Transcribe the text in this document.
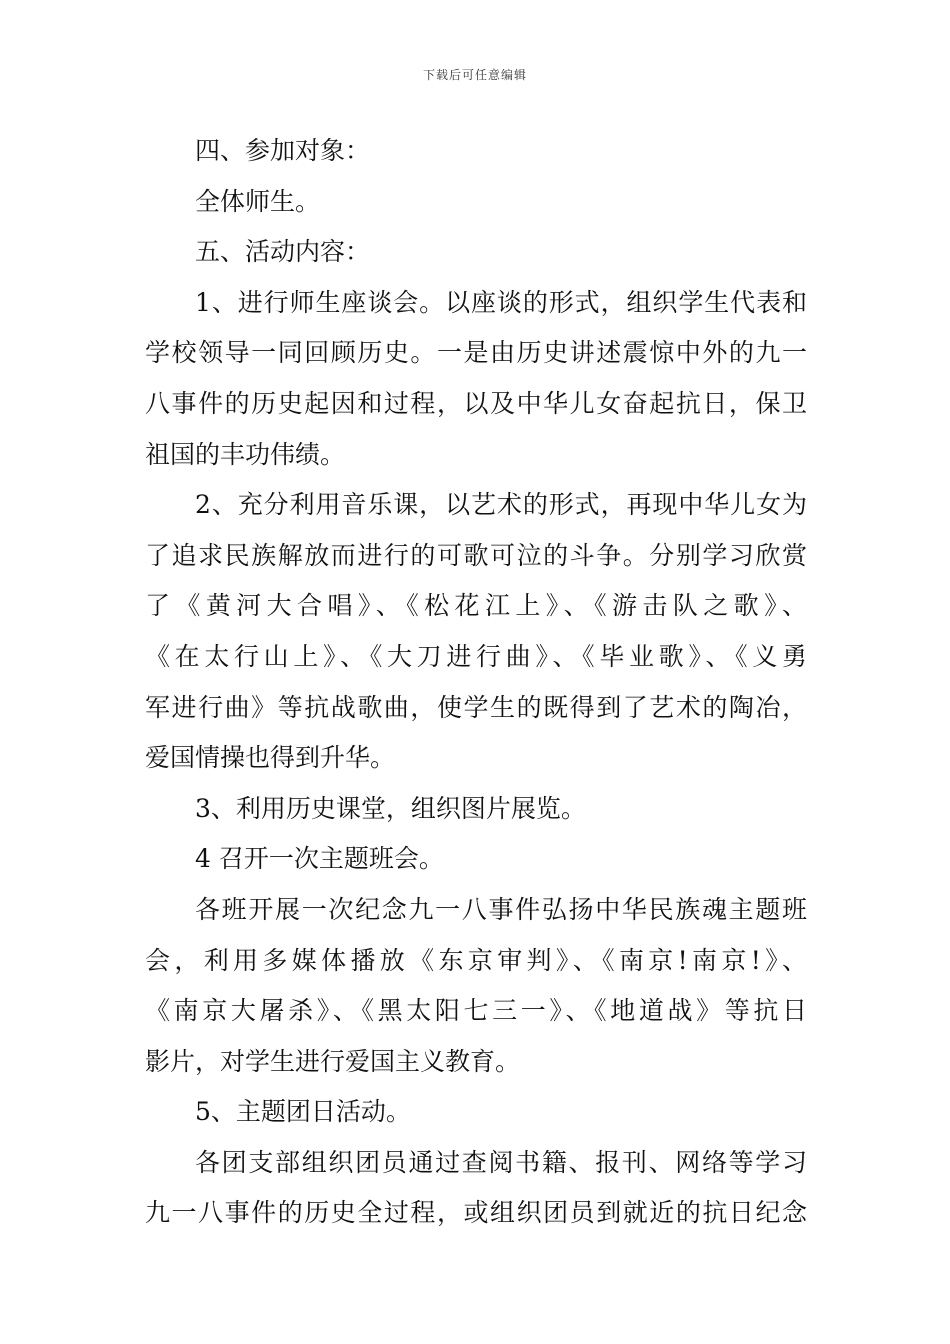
下载后可任意编辑
四、参加对象：
全体师生。
五、活动内容：
1、进行师生座谈会。以座谈的形式，组织学生代表和
学校领导一同回顾历史。一是由历史讲述震惊中外的九一
八事件的历史起因和过程，以及中华儿女奋起抗日，保卫
祖国的丰功伟绩。
2、充分利用音乐课，以艺术的形式，再现中华儿女为
了追求民族解放而进行的可歌可泣的斗争。分别学习欣赏
了《黄河大合唱》、《松花江上》、《游击队之歌》、
《在太行山上》、《大刀进行曲》、《毕业歌》、《义勇
军进行曲》等抗战歌曲，使学生的既得到了艺术的陶冶，
爱国情操也得到升华。
3、利用历史课堂，组织图片展览。
4 召开一次主题班会。
各班开展一次纪念九一八事件弘扬中华民族魂主题班
会，利用多媒体播放《东京审判》、《南京!南京!》、
《南京大屠杀》、《黑太阳七三一》、《地道战》等抗日
影片，对学生进行爱国主义教育。
5、主题团日活动。
各团支部组织团员通过查阅书籍、报刊、网络等学习
九一八事件的历史全过程，或组织团员到就近的抗日纪念
